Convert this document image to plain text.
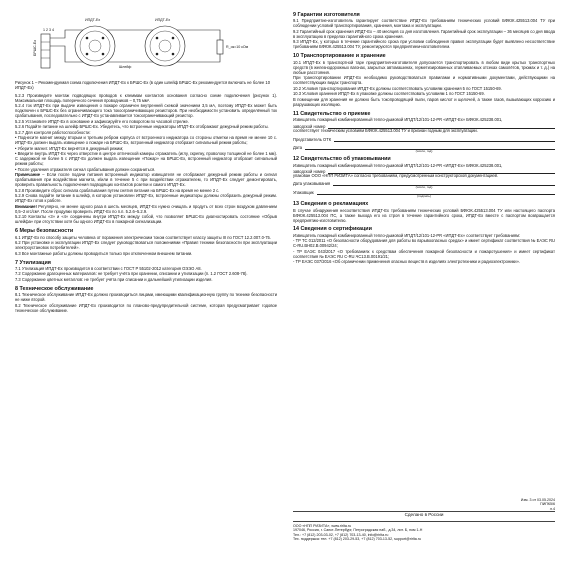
БРШС-Ех
1 2 3 4
ИПДТ-Ех	ИПДТ-Ех
R_ок=10 кОм
Шлейф

Рисунок 1 – Рекомендуемая схема подключения ИПДТ-Ех к БРШС-Ех (в один шлейф БРШС-Ех рекомендуется включать не более 10 ИПДТ-Ех)

5.2.3 Произведите монтаж подводящих проводов к клеммам контактов основания согласно схеме подключения (рисунок 1). Максимальная площадь поперечного сечения проводников – 0,75 мм².

5.2.4 ток ИПДТ-Ех при выдаче извещения о пожаре ограничен внутренней схемой значением 3,5 мА, поэтому ИПДТ-Ех может быть подключен к БРШС-Ех без ограничивающего тока токоограничивающих резисторов. При необходимости установить определённый ток срабатывания, последовательно с ИПДТ-Ех устанавливается токоограничивающий резистор.

5.2.5 Установите ИПДТ-Ех в основание и зафиксируйте его поворотом по часовой стрелке.

5.2.6 Подайте питание на шлейф БРШС-Ех. Убедитесь, что встроенные индикаторы ИПДТ-Ех отображают дежурный режим работы.

5.2.7 Для контроля работоспособности:

• Поднесите магнит между вторым и третьим ребром корпуса от встроенного индикатора со стороны отметки на время не менее 10 с. ИПДТ-Ех должен выдать извещение о пожаре на БРШС-Ех, встроенный индикатор отобразит сигнальный режим работы;

• Уберите магнит. ИПДТ-Ех вернётся в дежурный режим;

• Введите внутрь ИПДТ-Ех через отверстие в центре оптической камеры отражатель (иглу, скрепку, проволоку толщиной не более 1 мм). С задержкой не более 5 с ИПДТ-Ех должен выдать извещение «Пожар» на БРШС-Ех, встроенный индикатор отобразит сигнальный режим работы;

• После удаления отражателя сигнал срабатывания должен сохраниться.

Примечание – Если после подачи питания встроенный индикатор извещателя не отображает дежурный режим работы и сигнал срабатывания при воздействии магнита, и/или в течение 5 с при воздействии отражателем, то ИПДТ-Ех следует демонтировать, проверить правильность подключения подводящих контактов розетки и самого ИПДТ-Ех.

5.2.8 Произведите сброс сигнала срабатывания путем снятия питания на БРШС-Ех на время не менее 2 с.

5.2.9 Снова подайте питание в шлейф, в котором установлен ИПДТ-Ех, встроенные индикаторы должны отобразить дежурный режим. ИПДТ-Ех готов к работе.

Внимание! Регулярно, не менее одного раза в шесть месяцев, ИПДТ-Ех нужно очищать и продуть от всех строн воздухом давлением 0,5–2 кгс/см². После продувки проверить ИПДТ-Ех по п.п. 5.2.6–5.2.9.

5.2.10 Контакты «3» и «4» соединены внутри ИПДТ-Ех между собой, что позволяет БРШС-Ех диагностировать состояние «Обрыв шлейфа» при отсутствии хотя бы одного ИПДТ-Ех в пожарной сигнализации.

6 Меры безопасности

6.1 ИПДТ-Ех по способу защиты человека от поражения электрическим током соответствует классу защиты III по ГОСТ 12.2.007.0-75.

6.2 При установке и эксплуатации ИПДТ-Ех следует руководствоваться положениями «Правил техники безопасности при эксплуатации электроустановок потребителей».

6.3 Все монтажные работы должны проводиться только при отключенном внешнем питании.

7 Утилизация

7.1 Утилизация ИПДТ-Ех производится в соответствии с ГОСТ Р 55102-2012 категория ОЭЭО А8.

7.2 Содержание драгоценных материалов: не требует учёта при хранении, списании и утилизации (п. 1.2 ГОСТ 2.608-78).

7.3 Содержание цветных металлов: не требует учёта при списании и дальнейшей утилизации изделия.

8 Техническое обслуживание

8.1 Техническое обслуживание ИПДТ-Ех должно производиться лицами, имеющими квалификационную группу по технике безопасности не ниже второй.

8.2 Техническое обслуживание ИПДТ-Ех производится по планово-предупредительной системе, которая предусматривает годовое техническое обслуживание.

9 Гарантии изготовителя

9.1 Предприятие-изготовитель гарантирует соответствие ИПДТ-Ех требованиям технических условий БФЮК.425513.004 ТУ при соблюдении условий транспортирования, хранения, монтажа и эксплуатации.

9.2 Гарантийный срок хранения ИПДТ-Ех – 40 месяцев со дня изготовления. Гарантийный срок эксплуатации – 36 месяцев со дня ввода в эксплуатацию в пределах гарантийного срока хранения.

9.3 ИПДТ-Ех, у которых в течение гарантийного срока при условии соблюдения правил эксплуатации будет выявлено несоответствие требованиям БФЮК.425513.004 ТУ, ремонтируются предприятием-изготовителем.

10 Транспортирование и хранение

10.1 ИПДТ-Ех в транспортной таре предприятия-изготовителя допускается транспортировать в любом виде крытых транспортных средств (в железнодорожных вагонах, закрытых автомашинах, герметизированных отапливаемых отсеках самолётов, трюмах и т. д.) на любые расстояния.

При транспортировании ИПДТ-Ех необходимо руководствоваться правилами и нормативными документами, действующими на соответствующих видах транспорта.

10.2 Условия транспортирования ИПДТ-Ех должны соответствовать условиям хранения 5 по ГОСТ 15150-69.

10.3 Условия хранения ИПДТ-Ех в упаковке должны соответствовать условиям 1 по ГОСТ 15150-69.

В помещении для хранения не должно быть токопроводящей пыли, паров кислот и щелочей, а также газов, вызывающих коррозию и разрушающих изоляцию.

11 Свидетельство о приемке

Извещатель пожарный комбинированный тепло-дымовой ИПДТ/12/101-12-РR «ИПДТ-Ех» БФЮК.425238.001,

заводской номер

соответствует техническим условиям БФЮК.425513.004 ТУ и признан годным для эксплуатации.

Представитель ОТК
Дата
(число, год)
12 Свидетельство об упаковывании

Извещатель пожарный комбинированный тепло-дымовой ИПДТ/12/101-12-РR «ИПДТ-Ех» БФЮК.425238.001,

заводской номер

упакован ООО «НПП РИЗИТА» согласно требованиям, предусмотренным конструкторской документацией.

Дата упаковывания
(число, год)
Упаковщик
(подпись)
13 Сведения о рекламациях

В случае обнаружения несоответствия ИПДТ-Ех требованиям технических условий БФЮК.425513.004 ТУ или настоящего паспорта БФЮК.425513.004 ПС, а также выхода его из строя в течение гарантийного срока, ИПДТ-Ех вместе с паспортом возвращается предприятию-изготовителю.

14 Сведения о сертификации

Извещатель пожарный комбинированный тепло-дымовой ИПДТ/12/101-12-РR «ИПДТ-Ех» соответствует требованиям:

- ТР ТС 012/2011 «О безопасности оборудования для работы во взрывоопасных средах» и имеет сертификат соответствия № ЕАЭС RU C-RU.ВН02.В.00942/24;

- ТР ЕАЭС 043/2017 «О требованиях к средствам обеспечения пожарной безопасности и пожаротушения» и имеет сертификат соответствия № ЕАЭС RU C-RU.ЧС13.В.00191/21;

- ТР ЕАЭС 037/2016 «Об ограничении применения опасных веществ в изделиях электротехники и радиоэлектроники».

Изм. 3 от 03.05.2024
ПИПК5/6
л.4
Сделано в России
ООО «НПП РИЗИТА», www.rirlta.ru
197046, Россия, г. Санкт-Петербург, Петроградская наб., д.34, лит. Б, пом 1-Н
Тел.: +7 (812) 203-03-02, +7 (812) 703-13-40, info@rirlta.ru
Тех. поддержка: тел. +7 (812) 203-29-53, +7 (812) 703-13-52, support@rirlta.ru
